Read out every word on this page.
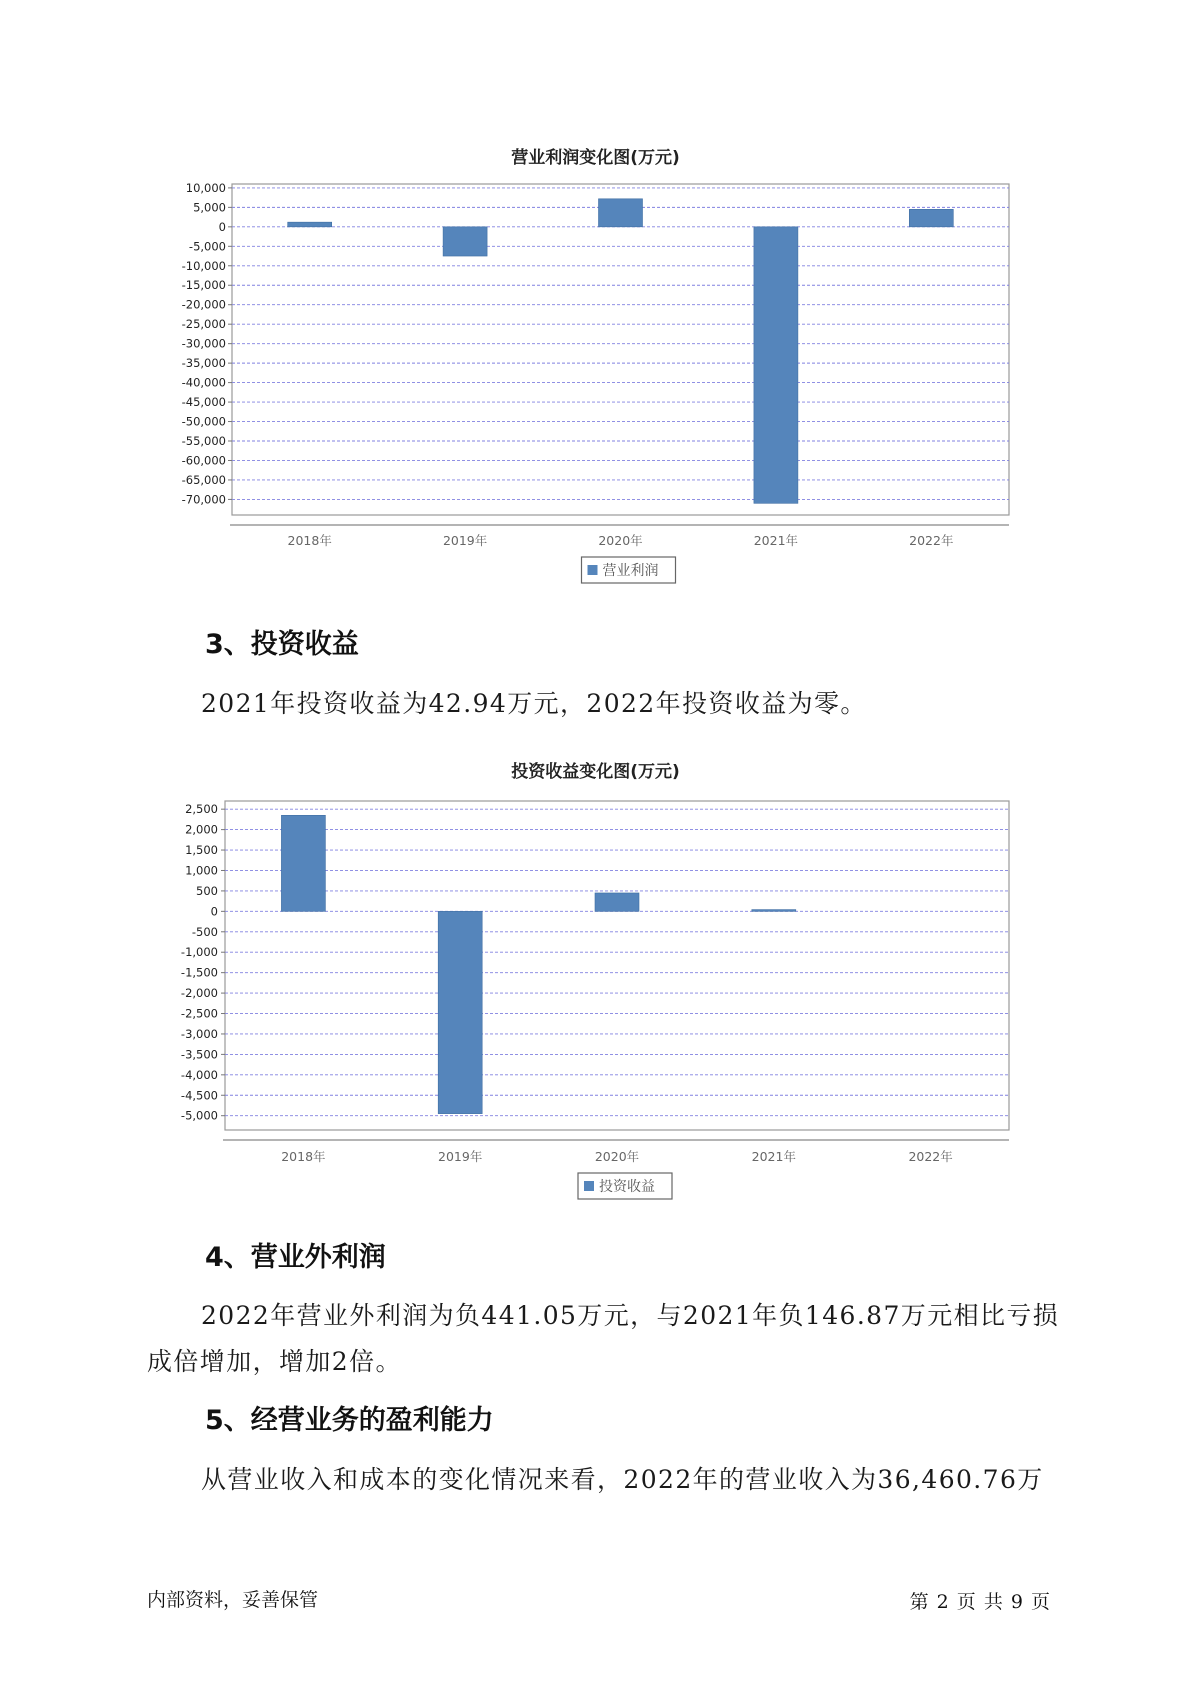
营业利润变化图(万元)
10,000
5,000
0
-5,000
-10,000
-15,000
-20,000
-25,000
-30,000
-35,000
-40,000
-45,000
-50,000
-55,000
-60,000
-65,000
-70,000
2018年	2019年	2020年	2021年	2022年
营业利润
3、投资收益

2021年投资收益为42.94万元，2022年投资收益为零。

投资收益变化图(万元)
2,500
2,000
1,500
1,000
500
0
-500
-1,000
-1,500
-2,000
-2,500
-3,000
-3,500
-4,000
-4,500
-5,000
2018年	2019年	2020年	2021年	2022年
投资收益
4、营业外利润

2022年营业外利润为负441.05万元，与2021年负146.87万元相比亏损成倍增加，增加2倍。

5、经营业务的盈利能力

从营业收入和成本的变化情况来看，2022年的营业收入为36,460.76万

内部资料，妥善保管	第 2 页 共 9 页
